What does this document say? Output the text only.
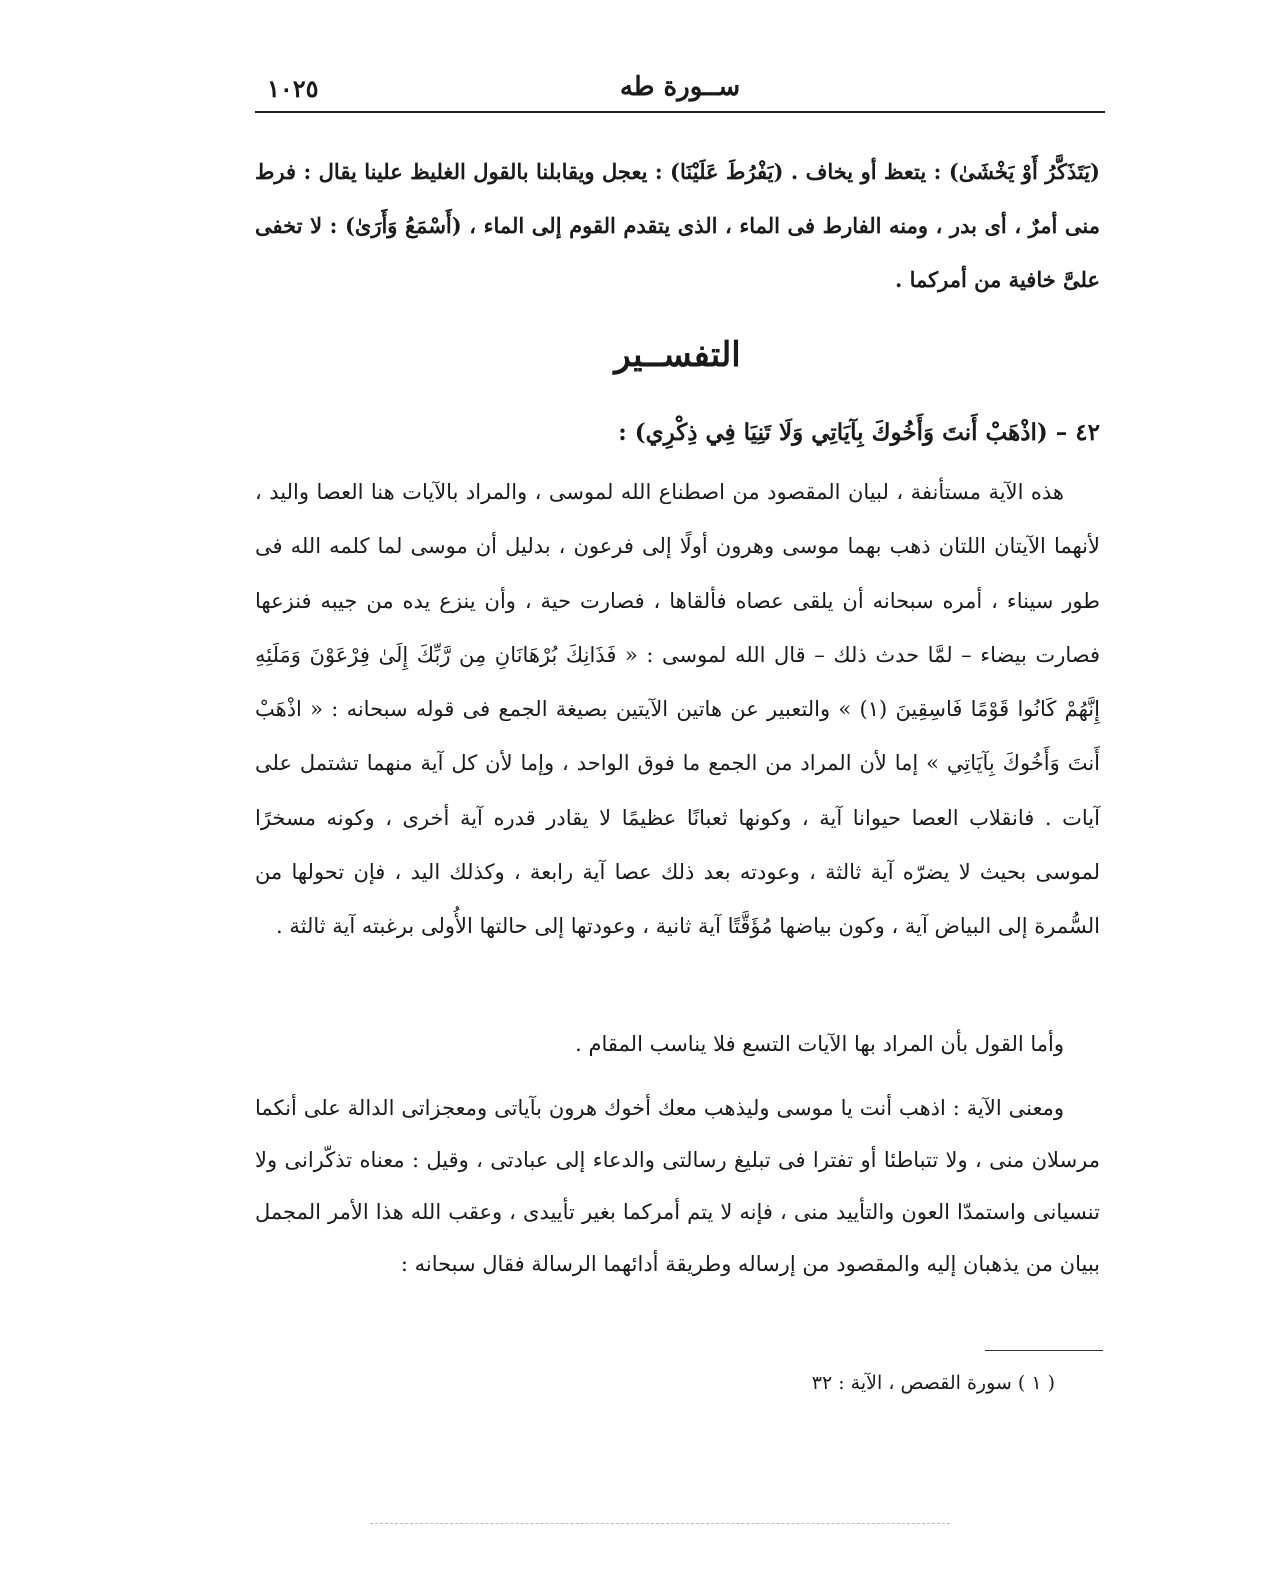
ســورة طه
١٠٢٥

(يَتَذَكَّرُ أَوْ يَخْشَىٰ) : يتعظ أو يخاف . (يَفْرُطَ عَلَيْنَا) : يعجل ويقابلنا بالقول الغليظ علينا يقال : فرط منى أمرٌ ، أى بدر ، ومنه الفارط فى الماء ، الذى يتقدم القوم إلى الماء ، (أَسْمَعُ وَأَرَىٰ) : لا تخفى علىَّ خافية من أمركما .

التفســير
٤٢ – (اذْهَبْ أَنتَ وَأَخُوكَ بِآيَاتِي وَلَا تَنِيَا فِي ذِكْرِي) :

هذه الآية مستأنفة ، لبيان المقصود من اصطناع الله لموسى ، والمراد بالآيات هنا العصا واليد ، لأنهما الآيتان اللتان ذهب بهما موسى وهرون أولًا إلى فرعون ، بدليل أن موسى لما كلمه الله فى طور سيناء ، أمره سبحانه أن يلقى عصاه فألقاها ، فصارت حية ، وأن ينزع يده من جيبه فنزعها فصارت بيضاء – لمَّا حدث ذلك – قال الله لموسى : « فَذَانِكَ بُرْهَانَانِ مِن رَّبِّكَ إِلَىٰ فِرْعَوْنَ وَمَلَئِهِ إِنَّهُمْ كَانُوا قَوْمًا فَاسِقِينَ (١) » والتعبير عن هاتين الآيتين بصيغة الجمع فى قوله سبحانه : « اذْهَبْ أَنتَ وَأَخُوكَ بِآيَاتِي » إما لأن المراد من الجمع ما فوق الواحد ، وإما لأن كل آية منهما تشتمل على آيات . فانقلاب العصا حيوانا آية ، وكونها ثعبانًا عظيمًا لا يقادر قدره آية أخرى ، وكونه مسخرًا لموسى بحيث لا يضرّه آية ثالثة ، وعودته بعد ذلك عصا آية رابعة ، وكذلك اليد ، فإن تحولها من السُّمرة إلى البياض آية ، وكون بياضها مُؤَقَّتًا آية ثانية ، وعودتها إلى حالتها الأُولى برغبته آية ثالثة .

وأما القول بأن المراد بها الآيات التسع فلا يناسب المقام .

ومعنى الآية : اذهب أنت يا موسى وليذهب معك أخوك هرون بآياتى ومعجزاتى الدالة على أنكما مرسلان منى ، ولا تتباطئا أو تفترا فى تبليغ رسالتى والدعاء إلى عبادتى ، وقيل : معناه تذكّرانى ولا تنسيانى واستمدّا العون والتأييد منى ، فإنه لا يتم أمركما بغير تأييدى ، وعقب الله هذا الأمر المجمل ببيان من يذهبان إليه والمقصود من إرساله وطريقة أدائهما الرسالة فقال سبحانه :

( ١ ) سورة القصص ، الآية : ٣٢
